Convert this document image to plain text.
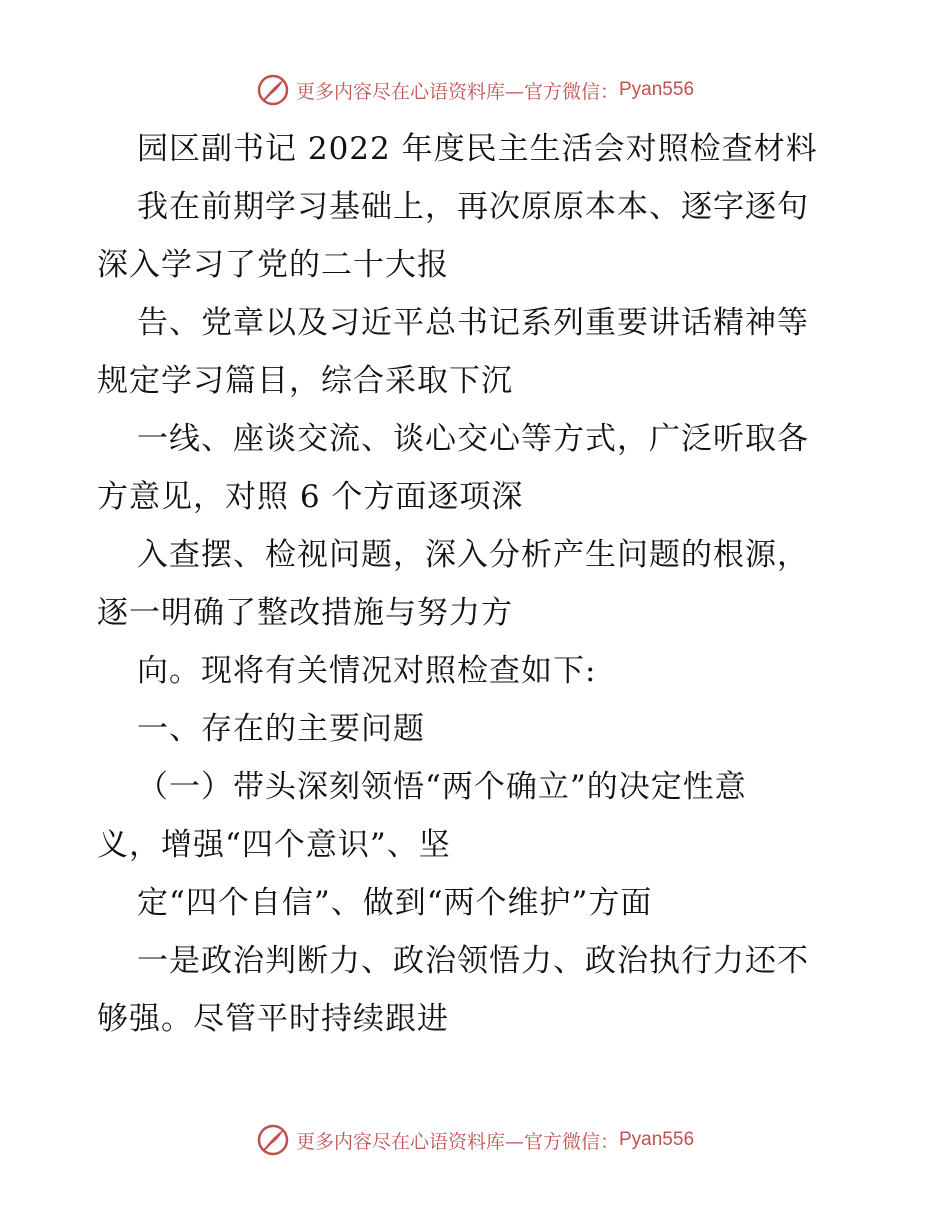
更多内容尽在心语资料库—官方微信： Pyan556
园区副书记 2022 年度民主生活会对照检查材料
我在前期学习基础上，再次原原本本、逐字逐句
深入学习了党的二十大报
告、党章以及习近平总书记系列重要讲话精神等
规定学习篇目，综合采取下沉
一线、座谈交流、谈心交心等方式，广泛听取各
方意见，对照 6 个方面逐项深
入查摆、检视问题，深入分析产生问题的根源，
逐一明确了整改措施与努力方
向。现将有关情况对照检查如下:
一、存在的主要问题
（一）带头深刻领悟“两个确立”的决定性意
义，增强“四个意识”、坚
定“四个自信”、做到“两个维护”方面
一是政治判断力、政治领悟力、政治执行力还不
够强。尽管平时持续跟进
更多内容尽在心语资料库—官方微信： Pyan556
